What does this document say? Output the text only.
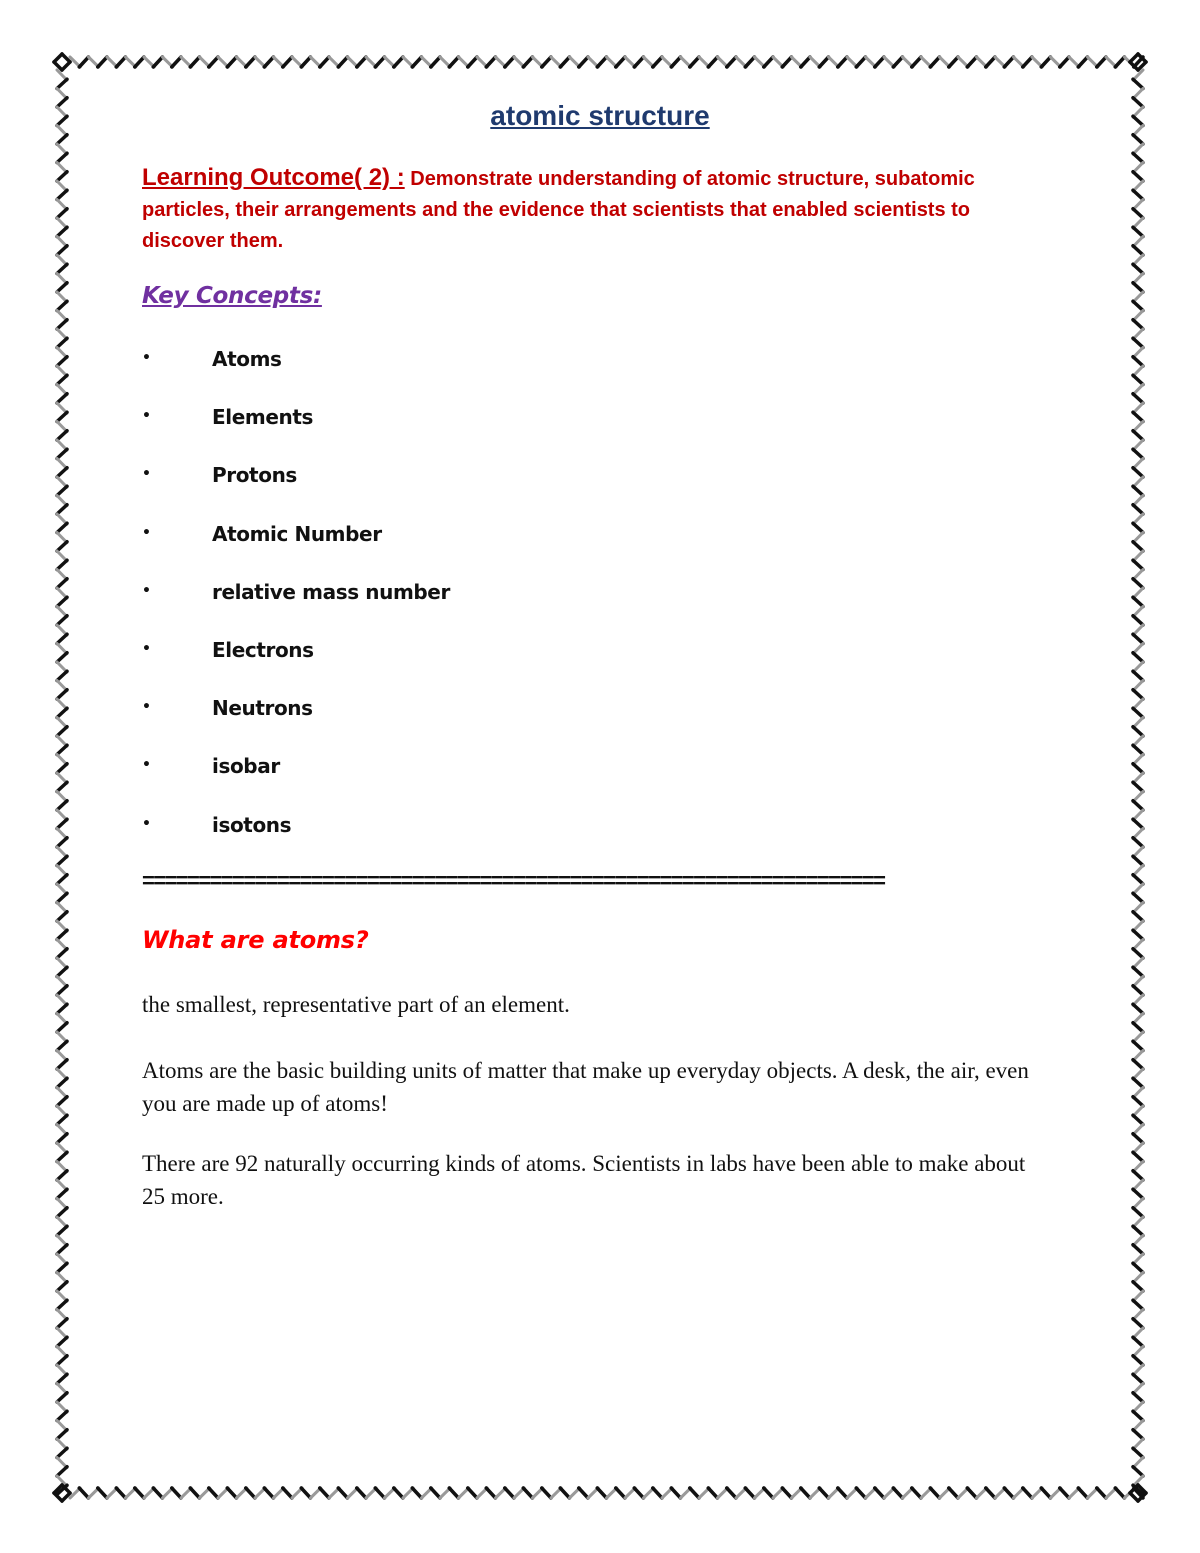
atomic structure

Learning Outcome( 2) : Demonstrate understanding of atomic structure, subatomic particles, their arrangements and the evidence that scientists that enabled scientists to discover them.

Key Concepts:
•	Atoms
•	Elements
•	Protons
•	Atomic Number
•	relative mass number
•	Electrons
•	Neutrons
•	isobar
•	isotons

==================================================================

What are atoms?

the smallest, representative part of an element.

Atoms are the basic building units of matter that make up everyday objects. A desk, the air, even you are made up of atoms!

There are 92 naturally occurring kinds of atoms. Scientists in labs have been able to make about 25 more.
